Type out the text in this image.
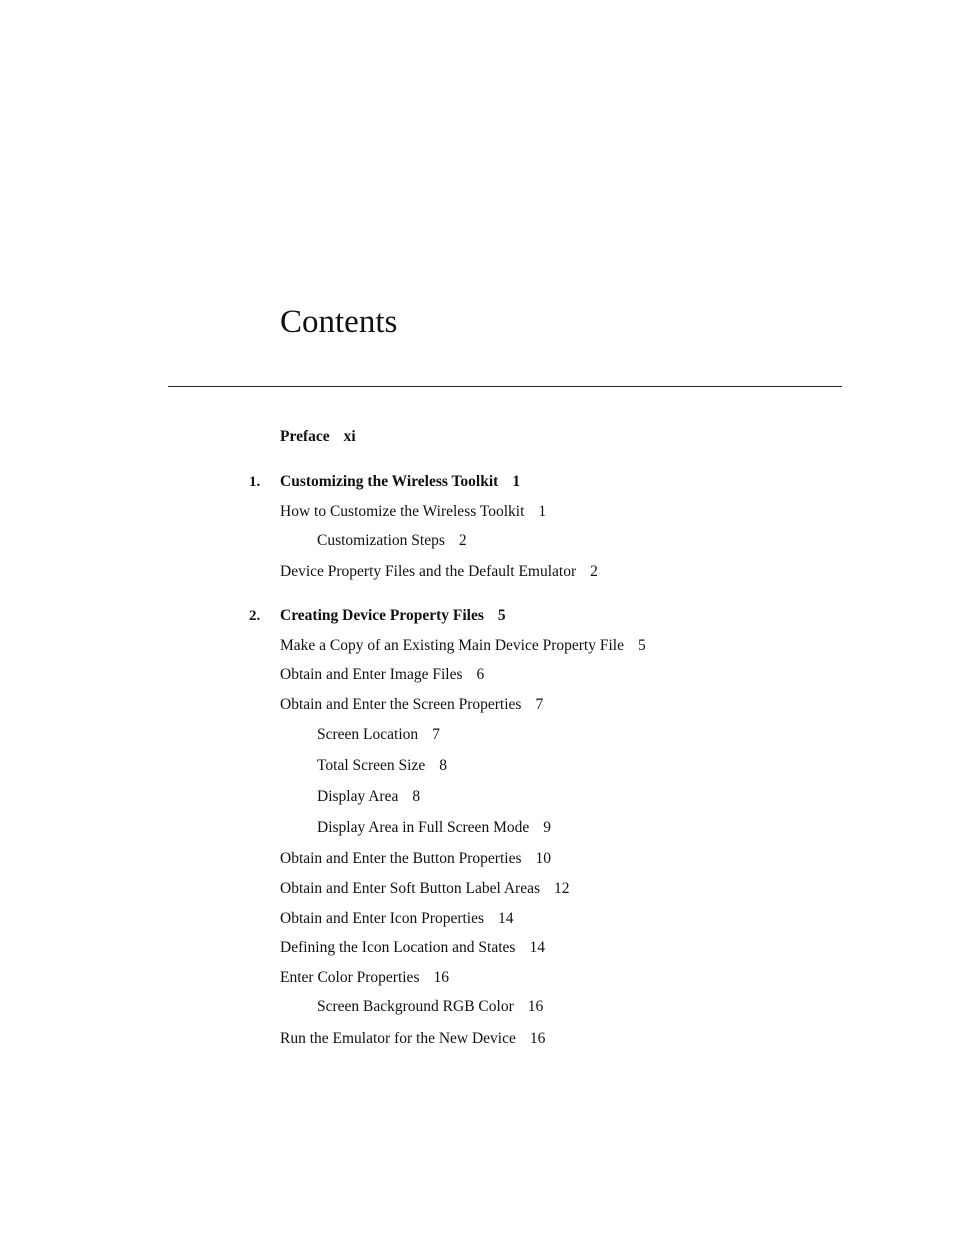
Contents
Preface xi
1. Customizing the Wireless Toolkit 1
How to Customize the Wireless Toolkit 1
Customization Steps 2
Device Property Files and the Default Emulator 2
2. Creating Device Property Files 5
Make a Copy of an Existing Main Device Property File 5
Obtain and Enter Image Files 6
Obtain and Enter the Screen Properties 7
Screen Location 7
Total Screen Size 8
Display Area 8
Display Area in Full Screen Mode 9
Obtain and Enter the Button Properties 10
Obtain and Enter Soft Button Label Areas 12
Obtain and Enter Icon Properties 14
Defining the Icon Location and States 14
Enter Color Properties 16
Screen Background RGB Color 16
Run the Emulator for the New Device 16
